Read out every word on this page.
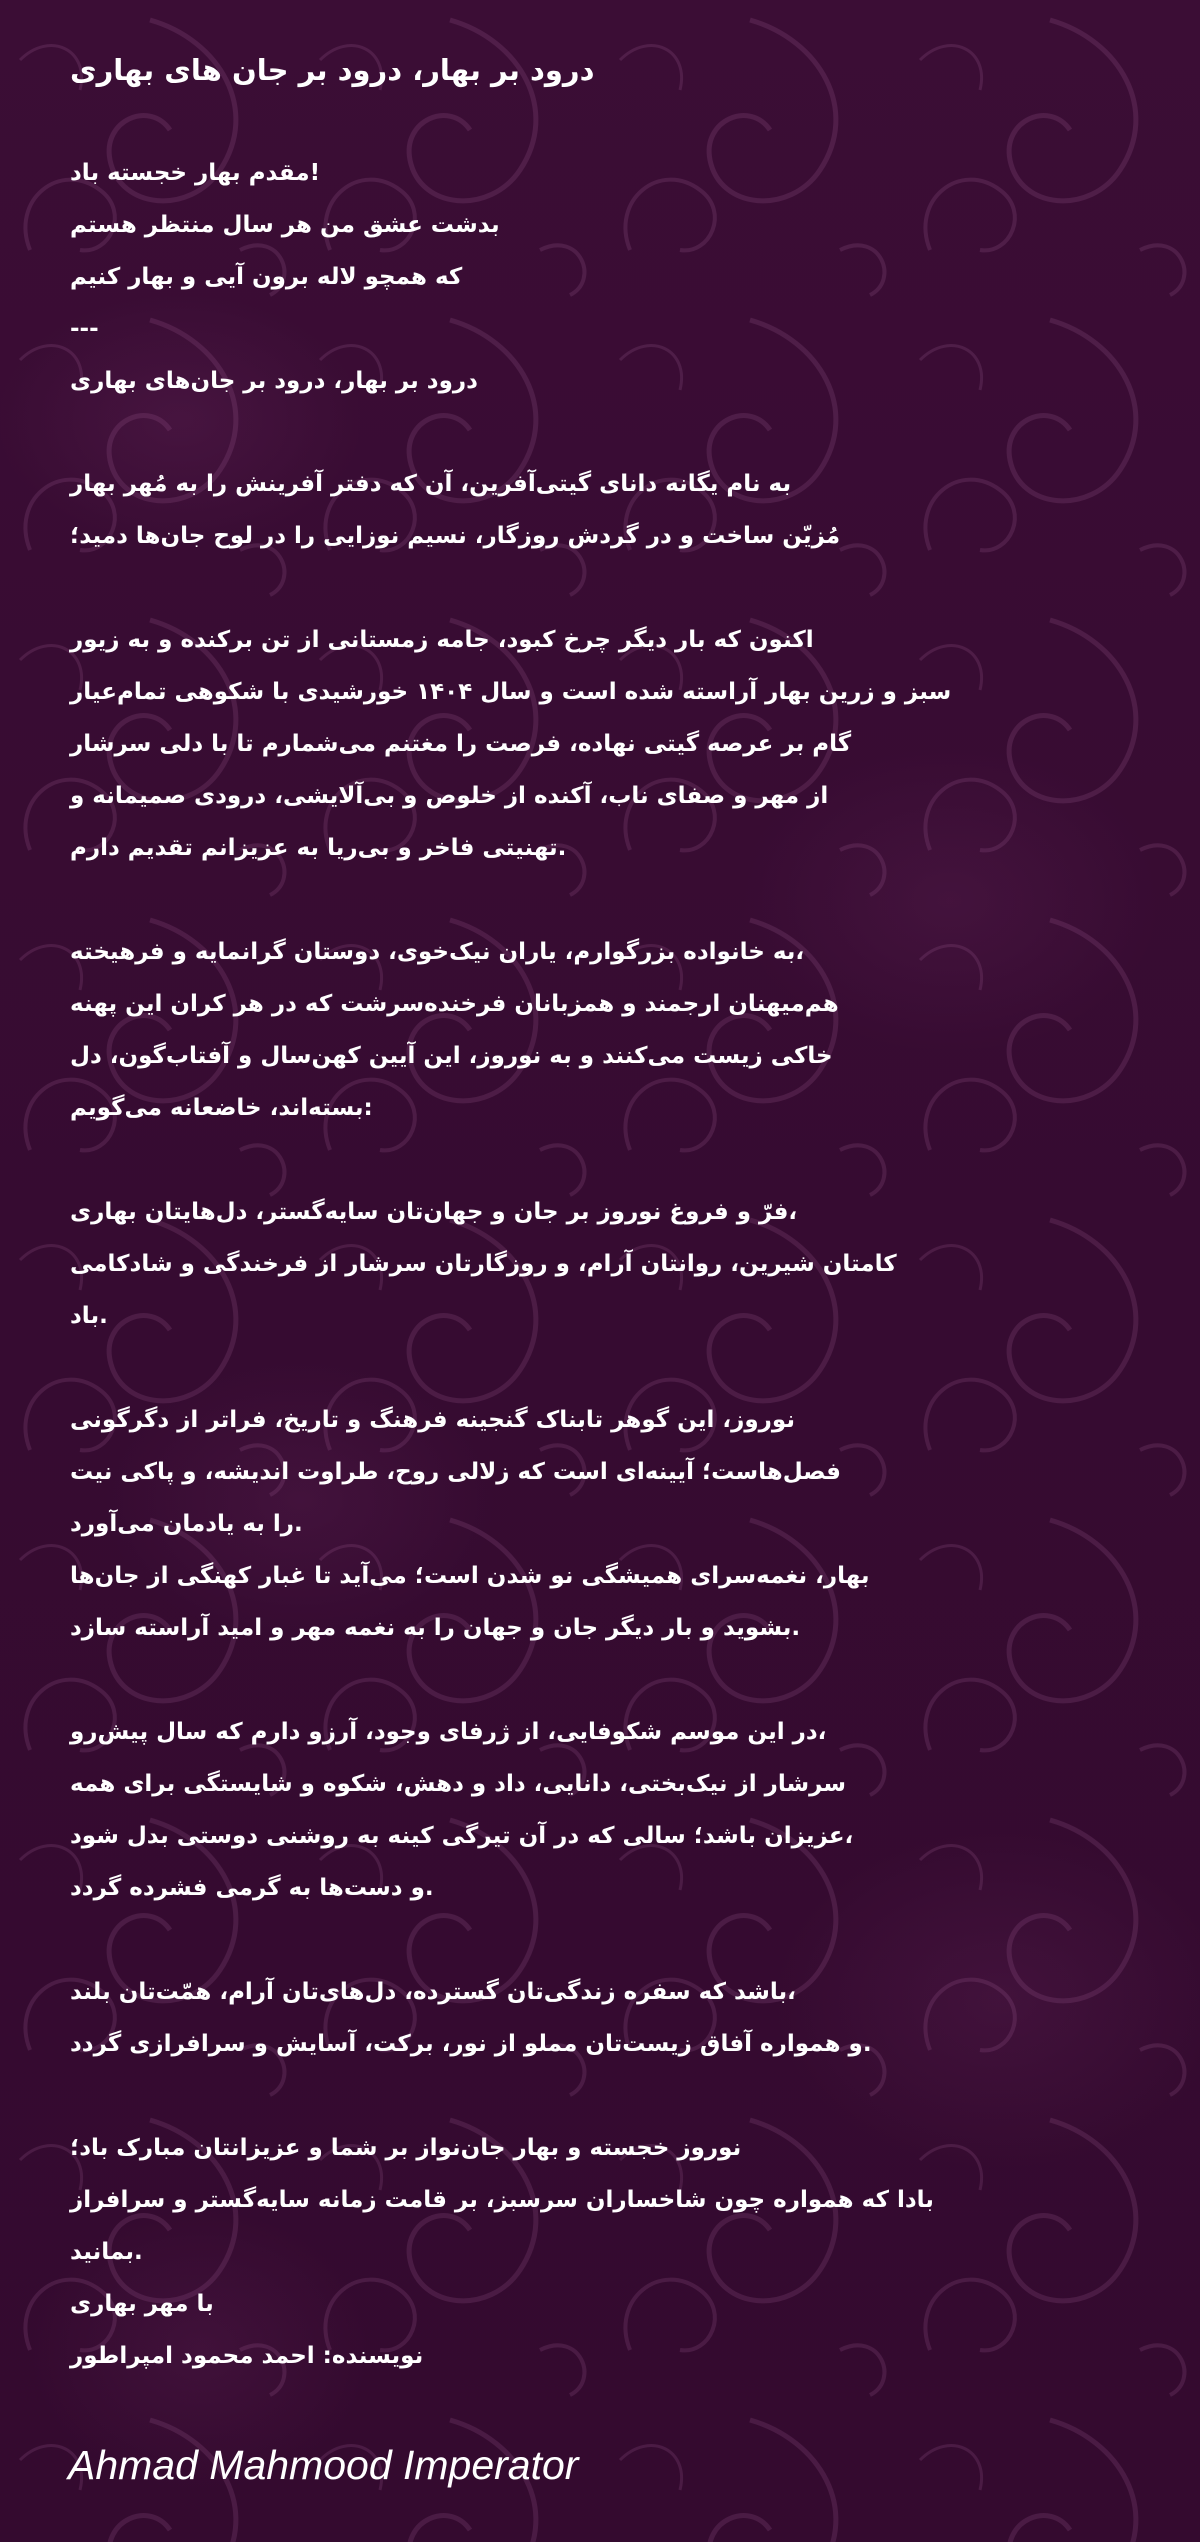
درود بر بهار، درود بر جان های بهاری
!مقدم بهار خجسته باد
بدشت عشق من هر سال منتظر هستم
که همچو لاله برون آیی و بهار کنیم
---
درود بر بهار، درود بر جان‌های بهاری
به نام یگانه دانای گیتی‌آفرین، آن که دفتر آفرینش را به مُهر بهار
مُزیّن ساخت و در گردش روزگار، نسیم نوزایی را در لوح جان‌ها دمید؛
اکنون که بار دیگر چرخ کبود، جامه زمستانی از تن برکنده و به زیور
سبز و زرین بهار آراسته شده است و سال ۱۴۰۴ خورشیدی با شکوهی تمام‌عیار
گام بر عرصه گیتی نهاده، فرصت را مغتنم می‌شمارم تا با دلی سرشار
از مهر و صفای ناب، آکنده از خلوص و بی‌آلایشی، درودی صمیمانه و
.تهنیتی فاخر و بی‌ریا به عزیزانم تقدیم دارم
،به خانواده بزرگوارم، یاران نیک‌خوی، دوستان گرانمایه و فرهیخته
هم‌میهنان ارجمند و همزبانان فرخنده‌سرشت که در هر کران این پهنه
خاکی زیست می‌کنند و به نوروز، این آیین کهن‌سال و آفتاب‌گون، دل
:بسته‌اند، خاضعانه می‌گویم
،فرّ و فروغ نوروز بر جان و جهان‌تان سایه‌گستر، دل‌هایتان بهاری
کامتان شیرین، روانتان آرام، و روزگارتان سرشار از فرخندگی و شادکامی
.باد
نوروز، این گوهر تابناک گنجینه فرهنگ و تاریخ، فراتر از دگرگونی
فصل‌هاست؛ آیینه‌ای است که زلالی روح، طراوت اندیشه، و پاکی نیت
.را به یادمان می‌آورد
بهار، نغمه‌سرای همیشگی نو شدن است؛ می‌آید تا غبار کهنگی از جان‌ها
.بشوید و بار دیگر جان و جهان را به نغمه مهر و امید آراسته سازد
،در این موسم شکوفایی، از ژرفای وجود، آرزو دارم که سال پیش‌رو
سرشار از نیک‌بختی، دانایی، داد و دهش، شکوه و شایستگی برای همه
،عزیزان باشد؛ سالی که در آن تیرگی کینه به روشنی دوستی بدل شود
.و دست‌ها به گرمی فشرده گردد
،باشد که سفره زندگی‌تان گسترده، دل‌های‌تان آرام، همّت‌تان بلند
.و همواره آفاق زیست‌تان مملو از نور، برکت، آسایش و سرافرازی گردد
نوروز خجسته و بهار جان‌نواز بر شما و عزیزانتان مبارک باد؛
بادا که همواره چون شاخساران سرسبز، بر قامت زمانه سایه‌گستر و سرافراز
.بمانید
با مهر بهاری
نویسنده: احمد محمود امپراطور
Ahmad Mahmood Imperator
